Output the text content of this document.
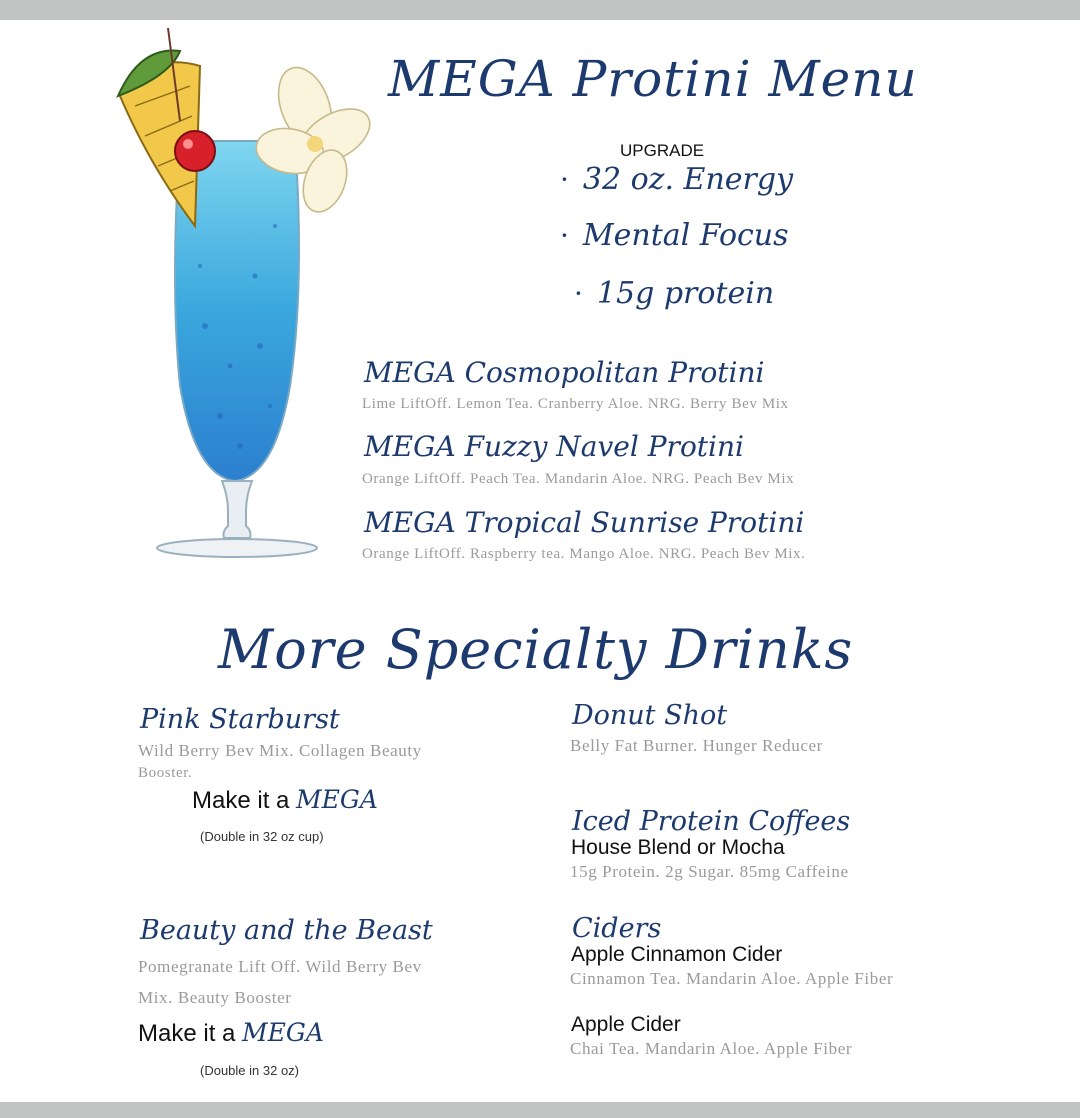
MEGA Protini Menu
UPGRADE
· 32 oz. Energy
· Mental Focus
· 15g protein
MEGA Cosmopolitan Protini
Lime LiftOff. Lemon Tea. Cranberry Aloe. NRG. Berry Bev Mix
MEGA Fuzzy Navel Protini
Orange LiftOff. Peach Tea. Mandarin Aloe. NRG. Peach Bev Mix
MEGA Tropical Sunrise Protini
Orange LiftOff. Raspberry tea. Mango Aloe. NRG. Peach Bev Mix.
More Specialty Drinks
Pink Starburst
Wild Berry Bev Mix. Collagen Beauty
Booster.
Make it a MEGA
(Double in 32 oz cup)
Beauty and the Beast
Pomegranate Lift Off. Wild Berry Bev
Mix. Beauty Booster
Make it a MEGA
(Double in 32 oz)
Donut Shot
Belly Fat Burner. Hunger Reducer
Iced Protein Coffees
House Blend or Mocha
15g Protein. 2g Sugar. 85mg Caffeine
Ciders
Apple Cinnamon Cider
Cinnamon Tea. Mandarin Aloe. Apple Fiber
Apple Cider
Chai Tea. Mandarin Aloe. Apple Fiber
